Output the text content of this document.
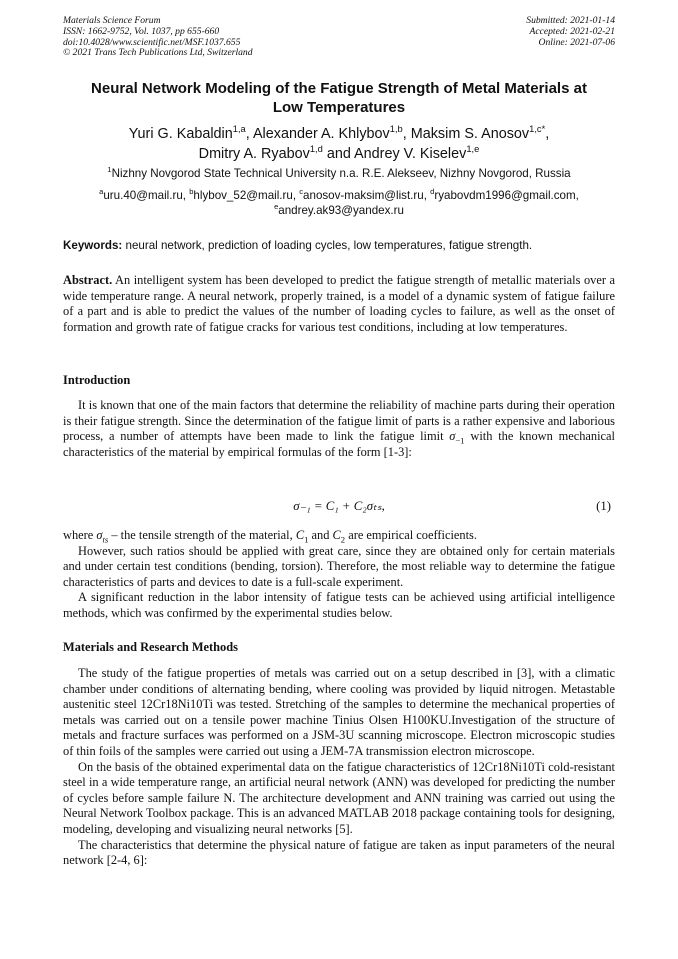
Materials Science Forum
ISSN: 1662-9752, Vol. 1037, pp 655-660
doi:10.4028/www.scientific.net/MSF.1037.655
© 2021 Trans Tech Publications Ltd, Switzerland
Submitted: 2021-01-14
Accepted: 2021-02-21
Online: 2021-07-06
Neural Network Modeling of the Fatigue Strength of Metal Materials at
Low Temperatures
Yuri G. Kabaldin$^{1,a}$, Alexander A. Khlybov$^{1,b}$, Maksim S. Anosov$^{1,c*}$,
Dmitry A. Ryabov$^{1,d}$ and Andrey V. Kiselev$^{1,e}$
$^1$Nizhny Novgorod State Technical University n.a. R.E. Alekseev, Nizhny Novgorod, Russia
$^a$uru.40@mail.ru, $^b$hlybov_52@mail.ru, $^c$anosov-maksim@list.ru, $^d$ryabovdm1996@gmail.com,
$^e$andrey.ak93@yandex.ru
Keywords: neural network, prediction of loading cycles, low temperatures, fatigue strength.

Abstract. An intelligent system has been developed to predict the fatigue strength of metallic materials over a wide temperature range. A neural network, properly trained, is a model of a dynamic system of fatigue failure of a part and is able to predict the values of the number of loading cycles to failure, as well as the onset of formation and growth rate of fatigue cracks for various test conditions, including at low temperatures.

Introduction

It is known that one of the main factors that determine the reliability of machine parts during their operation is their fatigue strength. Since the determination of the fatigue limit of parts is a rather expensive and laborious process, a number of attempts have been made to link the fatigue limit $\sigma_{-1}$ with the known mechanical characteristics of the material by empirical formulas of the form [1-3]:

σ₋₁ = C₁ + C₂σₜₛ,	(1)

where $\sigma_{ts}$ – the tensile strength of the material, $C_1$ and $C_2$ are empirical coefficients.

However, such ratios should be applied with great care, since they are obtained only for certain materials and under certain test conditions (bending, torsion). Therefore, the most reliable way to determine the fatigue characteristics of parts and devices to date is a full-scale experiment.

A significant reduction in the labor intensity of fatigue tests can be achieved using artificial intelligence methods, which was confirmed by the experimental studies below.

Materials and Research Methods

The study of the fatigue properties of metals was carried out on a setup described in [3], with a climatic chamber under conditions of alternating bending, where cooling was provided by liquid nitrogen. Metastable austenitic steel 12Cr18Ni10Ti was tested. Stretching of the samples to determine the mechanical properties of metals was carried out on a tensile power machine Tinius Olsen H100KU.Investigation of the structure of metals and fracture surfaces was performed on a JSM-3U scanning microscope. Electron microscopic studies of thin foils of the samples were carried out using a JEM-7A transmission electron microscope.

On the basis of the obtained experimental data on the fatigue characteristics of 12Cr18Ni10Ti cold-resistant steel in a wide temperature range, an artificial neural network (ANN) was developed for predicting the number of cycles before sample failure N. The architecture development and ANN training was carried out using the Neural Network Toolbox package. This is an advanced MATLAB 2018 package containing tools for designing, modeling, developing and visualizing neural networks [5].

The characteristics that determine the physical nature of fatigue are taken as input parameters of the neural network [2-4, 6]:
